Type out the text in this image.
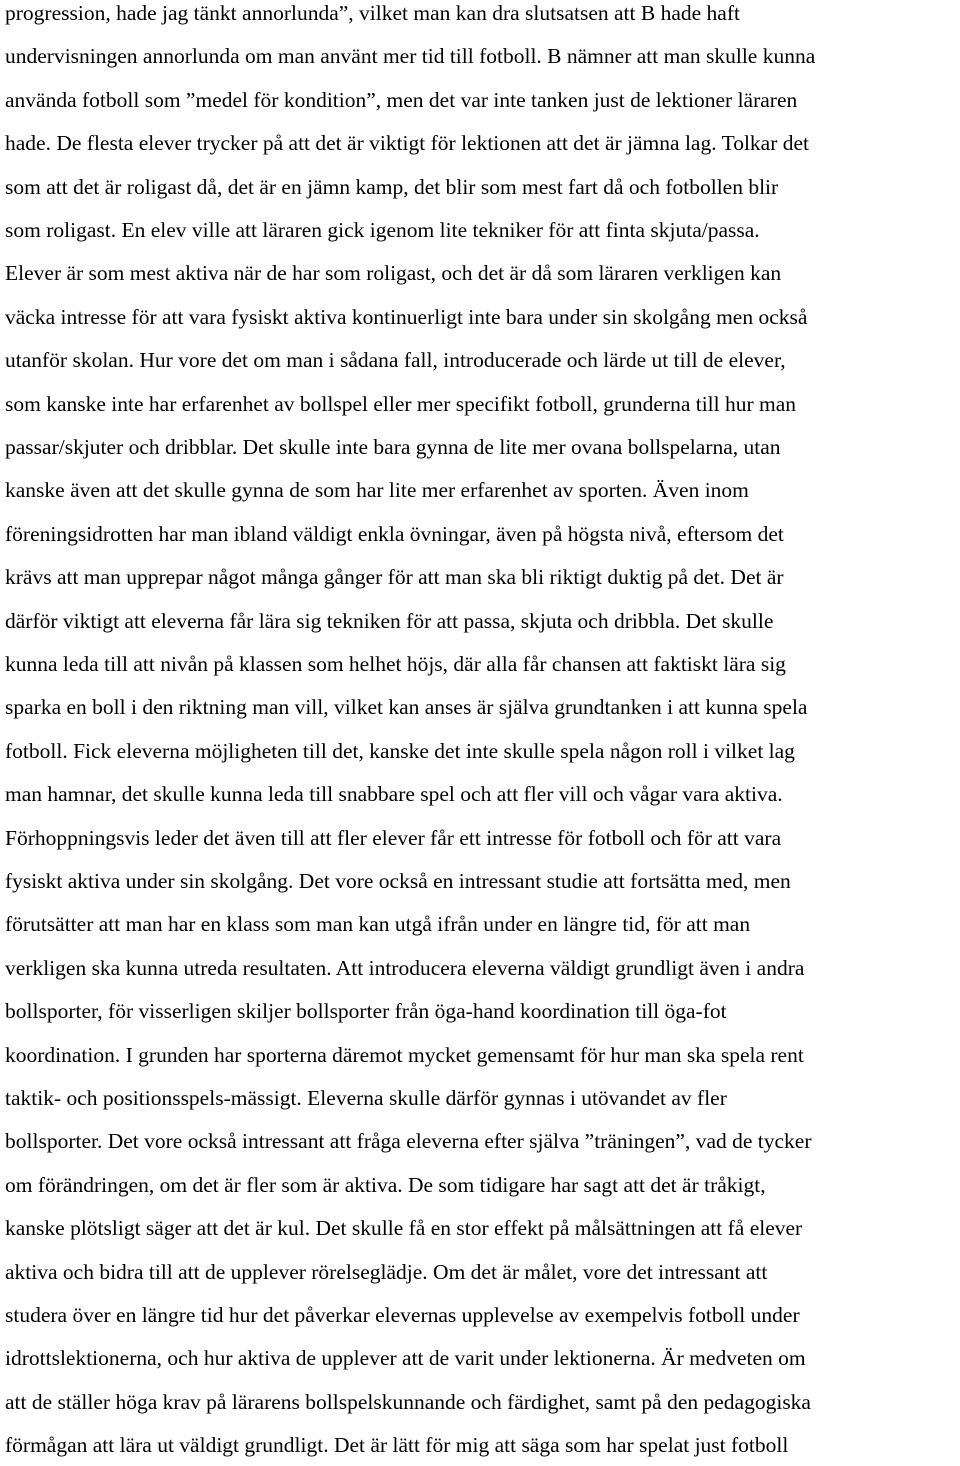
progression, hade jag tänkt annorlunda”, vilket man kan dra slutsatsen att B hade haft

undervisningen annorlunda om man använt mer tid till fotboll. B nämner att man skulle kunna

använda fotboll som ”medel för kondition”, men det var inte tanken just de lektioner läraren

hade. De flesta elever trycker på att det är viktigt för lektionen att det är jämna lag. Tolkar det

som att det är roligast då, det är en jämn kamp, det blir som mest fart då och fotbollen blir

som roligast. En elev ville att läraren gick igenom lite tekniker för att finta skjuta/passa.

Elever är som mest aktiva när de har som roligast, och det är då som läraren verkligen kan

väcka intresse för att vara fysiskt aktiva kontinuerligt inte bara under sin skolgång men också

utanför skolan. Hur vore det om man i sådana fall, introducerade och lärde ut till de elever,

som kanske inte har erfarenhet av bollspel eller mer specifikt fotboll, grunderna till hur man

passar/skjuter och dribblar. Det skulle inte bara gynna de lite mer ovana bollspelarna, utan

kanske även att det skulle gynna de som har lite mer erfarenhet av sporten. Även inom

föreningsidrotten har man ibland väldigt enkla övningar, även på högsta nivå, eftersom det

krävs att man upprepar något många gånger för att man ska bli riktigt duktig på det. Det är

därför viktigt att eleverna får lära sig tekniken för att passa, skjuta och dribbla. Det skulle

kunna leda till att nivån på klassen som helhet höjs, där alla får chansen att faktiskt lära sig

sparka en boll i den riktning man vill, vilket kan anses är själva grundtanken i att kunna spela

fotboll. Fick eleverna möjligheten till det, kanske det inte skulle spela någon roll i vilket lag

man hamnar, det skulle kunna leda till snabbare spel och att fler vill och vågar vara aktiva.

Förhoppningsvis leder det även till att fler elever får ett intresse för fotboll och för att vara

fysiskt aktiva under sin skolgång. Det vore också en intressant studie att fortsätta med, men

förutsätter att man har en klass som man kan utgå ifrån under en längre tid, för att man

verkligen ska kunna utreda resultaten. Att introducera eleverna väldigt grundligt även i andra

bollsporter, för visserligen skiljer bollsporter från öga-hand koordination till öga-fot

koordination. I grunden har sporterna däremot mycket gemensamt för hur man ska spela rent

taktik- och positionsspels-mässigt. Eleverna skulle därför gynnas i utövandet av fler

bollsporter. Det vore också intressant att fråga eleverna efter själva ”träningen”, vad de tycker

om förändringen, om det är fler som är aktiva. De som tidigare har sagt att det är tråkigt,

kanske plötsligt säger att det är kul. Det skulle få en stor effekt på målsättningen att få elever

aktiva och bidra till att de upplever rörelseglädje. Om det är målet, vore det intressant att

studera över en längre tid hur det påverkar elevernas upplevelse av exempelvis fotboll under

idrottslektionerna, och hur aktiva de upplever att de varit under lektionerna. Är medveten om

att de ställer höga krav på lärarens bollspelskunnande och färdighet, samt på den pedagogiska

förmågan att lära ut väldigt grundligt. Det är lätt för mig att säga som har spelat just fotboll
